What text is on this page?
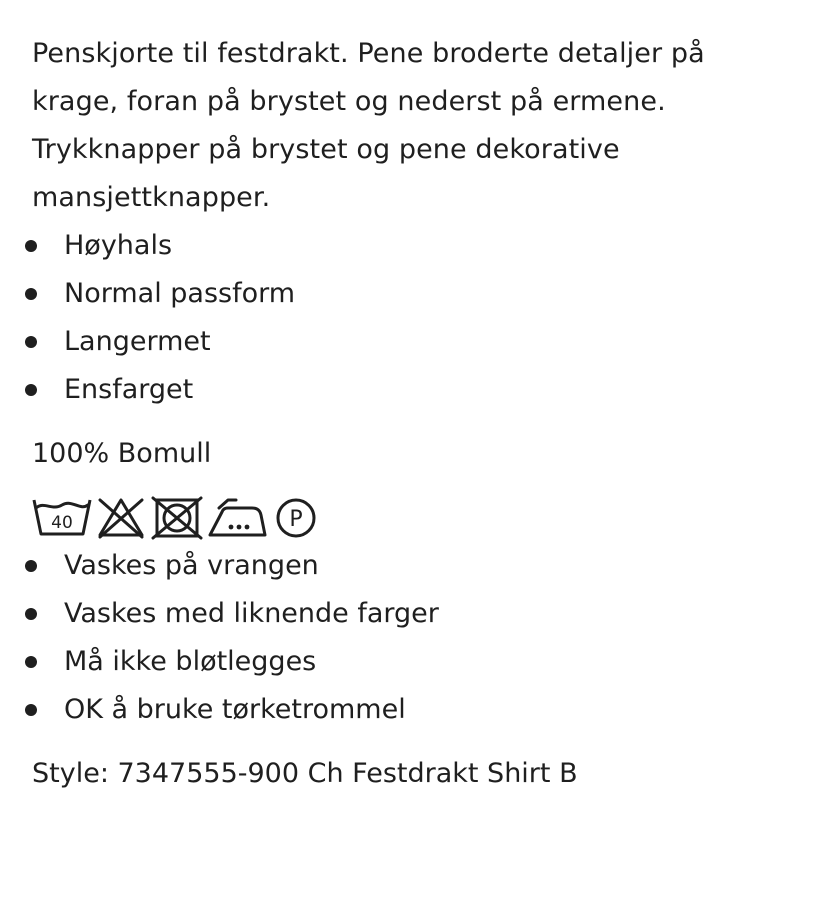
Penskjorte til festdrakt. Pene broderte detaljer på krage, foran på brystet og nederst på ermene. Trykknapper på brystet og pene dekorative mansjettknapper.

Høyhals
Normal passform
Langermet
Ensfarget
100% Bomull
40	P
Vaskes på vrangen
Vaskes med liknende farger
Må ikke bløtlegges
OK å bruke tørketrommel
Style: 7347555-900 Ch Festdrakt Shirt B
